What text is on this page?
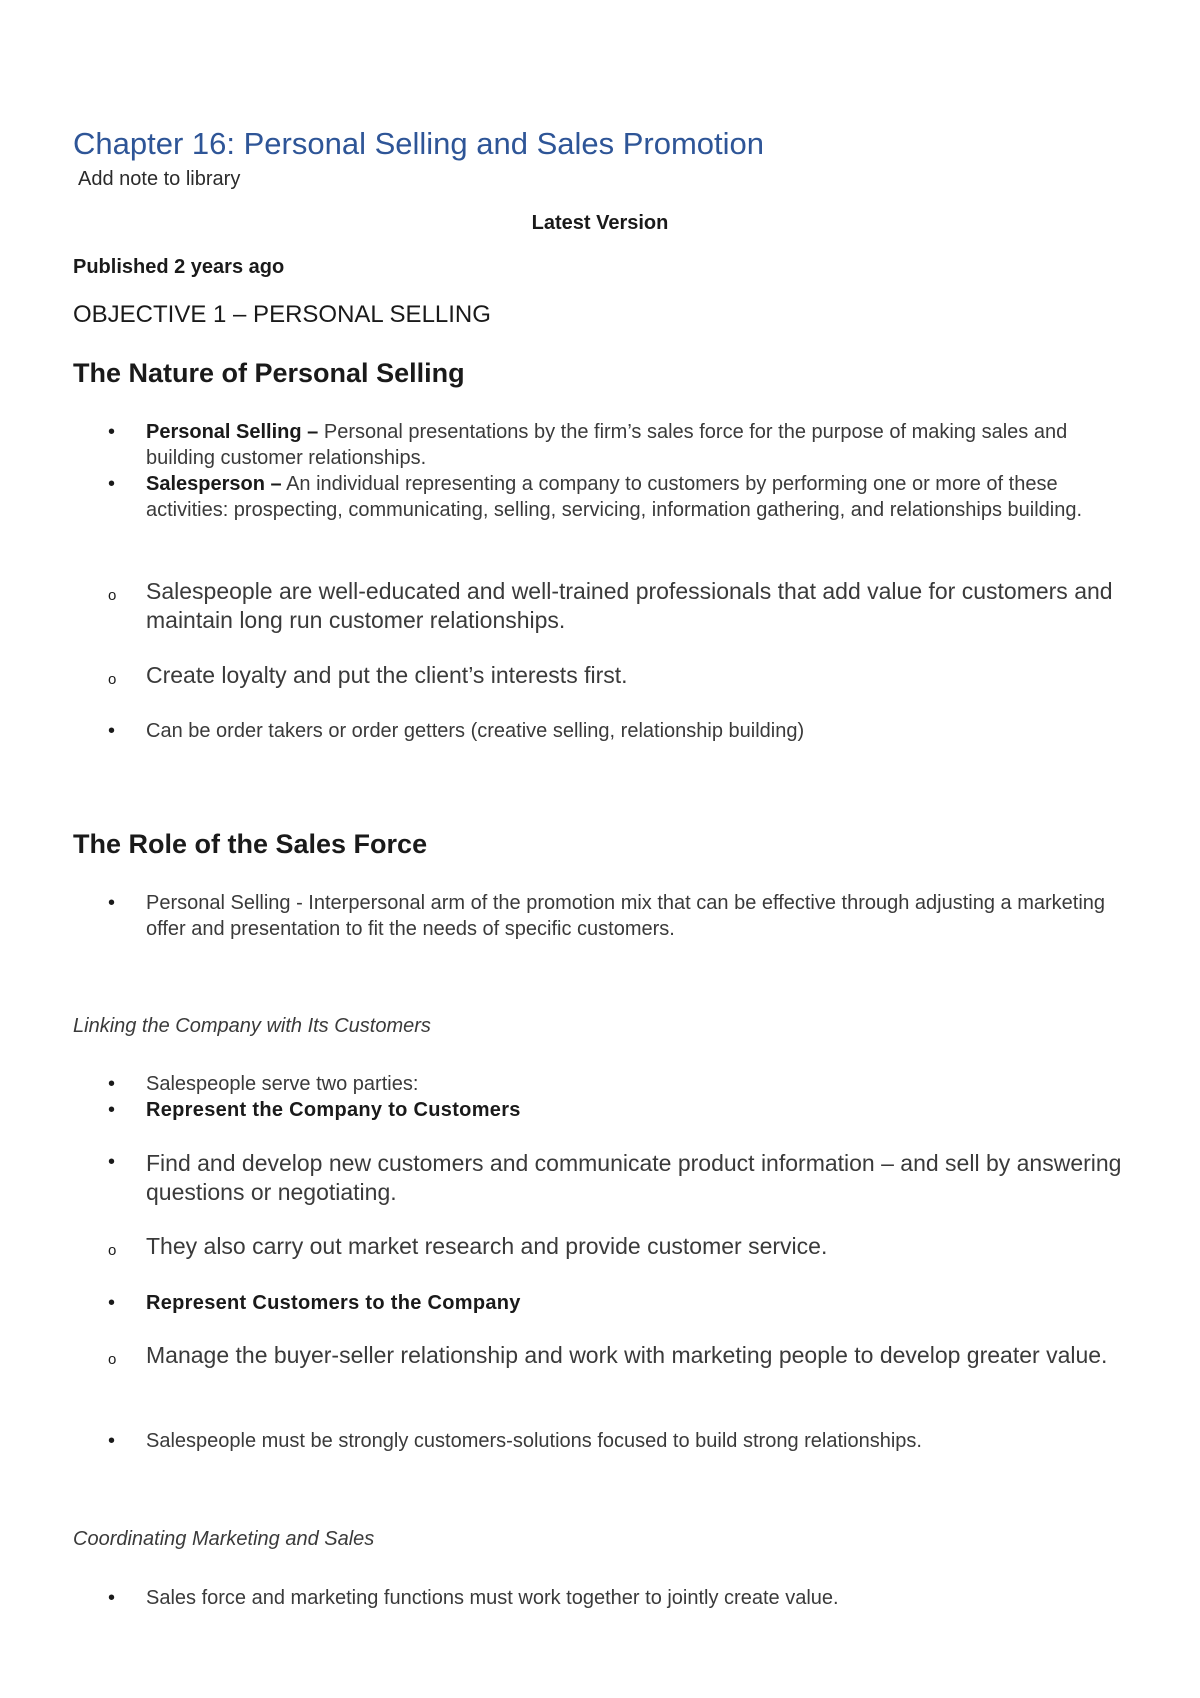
Chapter 16: Personal Selling and Sales Promotion
Add note to library
Latest Version
Published 2 years ago
OBJECTIVE 1 – PERSONAL SELLING
The Nature of Personal Selling
•	Personal Selling – Personal presentations by the firm’s sales force for the purpose of making sales and building customer relationships.
•	Salesperson – An individual representing a company to customers by performing one or more of these activities: prospecting, communicating, selling, servicing, information gathering, and relationships building.
o	Salespeople are well-educated and well-trained professionals that add value for customers and maintain long run customer relationships.
o	Create loyalty and put the client’s interests first.
•	Can be order takers or order getters (creative selling, relationship building)
The Role of the Sales Force
•	Personal Selling - Interpersonal arm of the promotion mix that can be effective through adjusting a marketing offer and presentation to fit the needs of specific customers.
Linking the Company with Its Customers
•	Salespeople serve two parties:
•	Represent the Company to Customers
•	Find and develop new customers and communicate product information – and sell by answering questions or negotiating.
o	They also carry out market research and provide customer service.
•	Represent Customers to the Company
o	Manage the buyer-seller relationship and work with marketing people to develop greater value.
•	Salespeople must be strongly customers-solutions focused to build strong relationships.
Coordinating Marketing and Sales
•	Sales force and marketing functions must work together to jointly create value.
